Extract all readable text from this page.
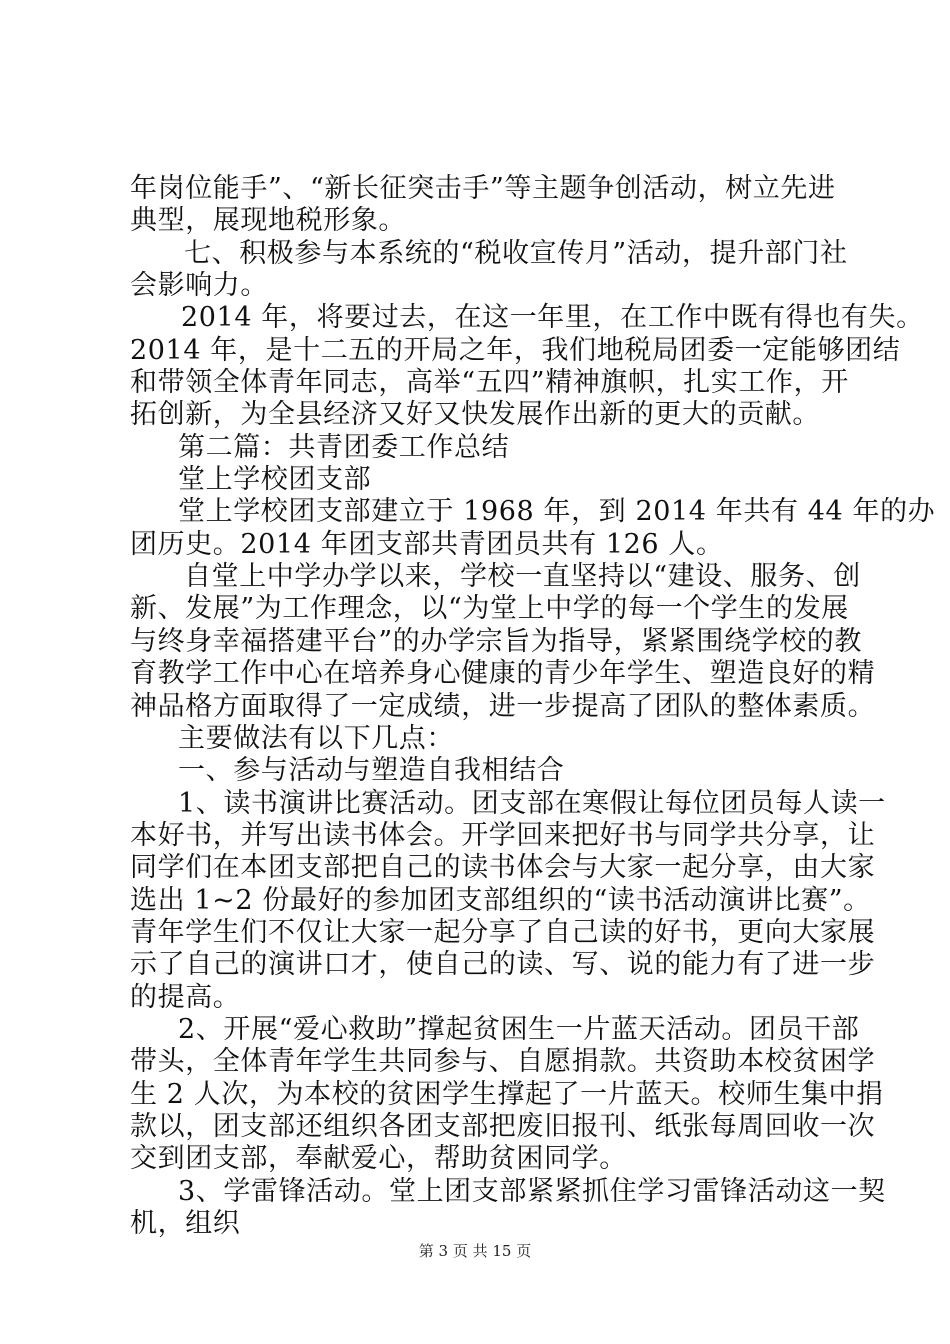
年岗位能手”、“新长征突击手”等主题争创活动，树立先进
典型，展现地税形象。
七、积极参与本系统的“税收宣传月”活动，提升部门社
会影响力。
2014 年，将要过去，在这一年里，在工作中既有得也有失。
2014 年，是十二五的开局之年，我们地税局团委一定能够团结
和带领全体青年同志，高举“五四”精神旗帜，扎实工作，开
拓创新，为全县经济又好又快发展作出新的更大的贡献。
第二篇：共青团委工作总结
堂上学校团支部
堂上学校团支部建立于 1968 年，到 2014 年共有 44 年的办
团历史。2014 年团支部共青团员共有 126 人。
自堂上中学办学以来，学校一直坚持以“建设、服务、创
新、发展”为工作理念，以“为堂上中学的每一个学生的发展
与终身幸福搭建平台”的办学宗旨为指导，紧紧围绕学校的教
育教学工作中心在培养身心健康的青少年学生、塑造良好的精
神品格方面取得了一定成绩，进一步提高了团队的整体素质。
主要做法有以下几点：
一、参与活动与塑造自我相结合
1、读书演讲比赛活动。团支部在寒假让每位团员每人读一
本好书，并写出读书体会。开学回来把好书与同学共分享，让
同学们在本团支部把自己的读书体会与大家一起分享，由大家
选出 1~2 份最好的参加团支部组织的“读书活动演讲比赛”。
青年学生们不仅让大家一起分享了自己读的好书，更向大家展
示了自己的演讲口才，使自己的读、写、说的能力有了进一步
的提高。
2、开展“爱心救助”撑起贫困生一片蓝天活动。团员干部
带头，全体青年学生共同参与、自愿捐款。共资助本校贫困学
生 2 人次，为本校的贫困学生撑起了一片蓝天。校师生集中捐
款以，团支部还组织各团支部把废旧报刊、纸张每周回收一次
交到团支部，奉献爱心，帮助贫困同学。
3、学雷锋活动。堂上团支部紧紧抓住学习雷锋活动这一契
机，组织
第 3 页 共 15 页
